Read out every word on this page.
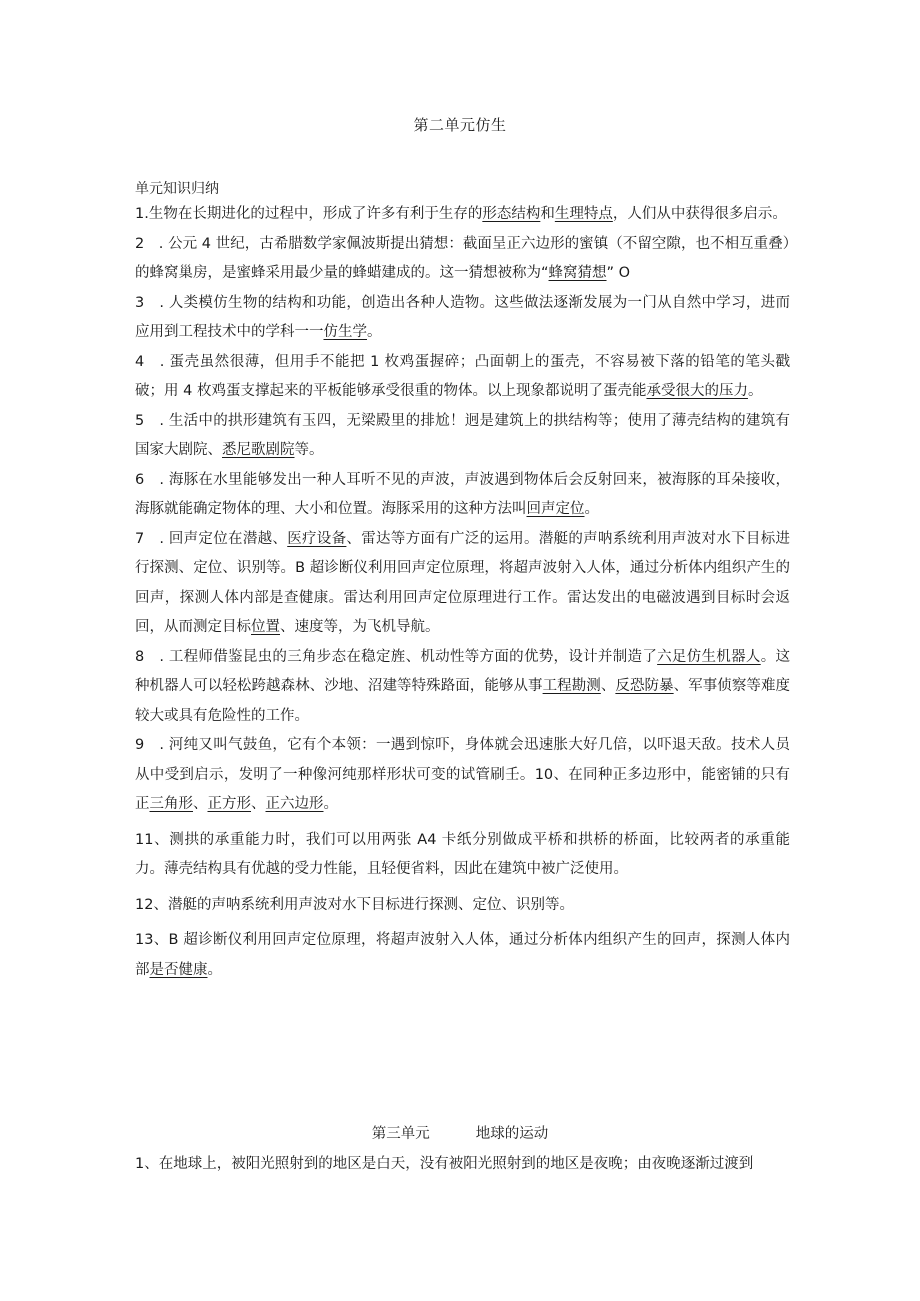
第二单元仿生
单元知识归纳

1.生物在长期进化的过程中，形成了许多有利于生存的形态结构和生理特点，人们从中获得很多启示。

2　. 公元 4 世纪，古希腊数学家佩波斯提出猜想：截面呈正六边形的蜜镇（不留空隙，也不相互重叠）的蜂窝巢房，是蜜蜂采用最少量的蜂蜡建成的。这一猜想被称为“蜂窝猜想” O

3　. 人类模仿生物的结构和功能，创造出各种人造物。这些做法逐渐发展为一门从自然中学习，进而应用到工程技术中的学科一一仿生学。

4　. 蛋壳虽然很薄，但用手不能把 1 枚鸡蛋握碎；凸面朝上的蛋壳，不容易被下落的铅笔的笔头戳破；用 4 枚鸡蛋支撑起来的平板能够承受很重的物体。以上现象都说明了蛋壳能承受很大的压力。

5　. 生活中的拱形建筑有玉四，无梁殿里的排尬！迥是建筑上的拱结构等；使用了薄壳结构的建筑有国家大剧院、悉尼歌剧院等。

6　. 海豚在水里能够发出一种人耳听不见的声波，声波遇到物体后会反射回来，被海豚的耳朵接收，海豚就能确定物体的理、大小和位置。海豚采用的这种方法叫回声定位。

7　. 回声定位在潜越、医疗设备、雷达等方面有广泛的运用。潜艇的声呐系统利用声波对水下目标进行探测、定位、识别等。B 超诊断仪利用回声定位原理，将超声波射入人体，通过分析体内组织产生的回声，探测人体内部是查健康。雷达利用回声定位原理进行工作。雷达发出的电磁波遇到目标时会返回，从而测定目标位置、速度等，为飞机导航。

8　. 工程师借鉴昆虫的三角步态在稳定旌、机动性等方面的优势，设计并制造了六足仿生机器人。这种机器人可以轻松跨越森林、沙地、沼建等特殊路面，能够从事工程勘测、反恐防暴、军事侦察等难度较大或具有危险性的工作。

9　. 河纯又叫气鼓鱼，它有个本领：一遇到惊吓，身体就会迅速胀大好几倍，以吓退天敌。技术人员从中受到启示，发明了一种像河纯那样形状可变的试管刷壬。10、在同种正多边形中，能密铺的只有正三角形、正方形、正六边形。

11、测拱的承重能力时，我们可以用两张 A4 卡纸分别做成平桥和拱桥的桥面，比较两者的承重能力。薄壳结构具有优越的受力性能，且轻便省料，因此在建筑中被广泛使用。

12、潜艇的声呐系统利用声波对水下目标进行探测、定位、识别等。

13、B 超诊断仪利用回声定位原理，将超声波射入人体，通过分析体内组织产生的回声，探测人体内部是否健康。

第三单元	地球的运动
1、在地球上，被阳光照射到的地区是白天，没有被阳光照射到的地区是夜晚；由夜晚逐渐过渡到
